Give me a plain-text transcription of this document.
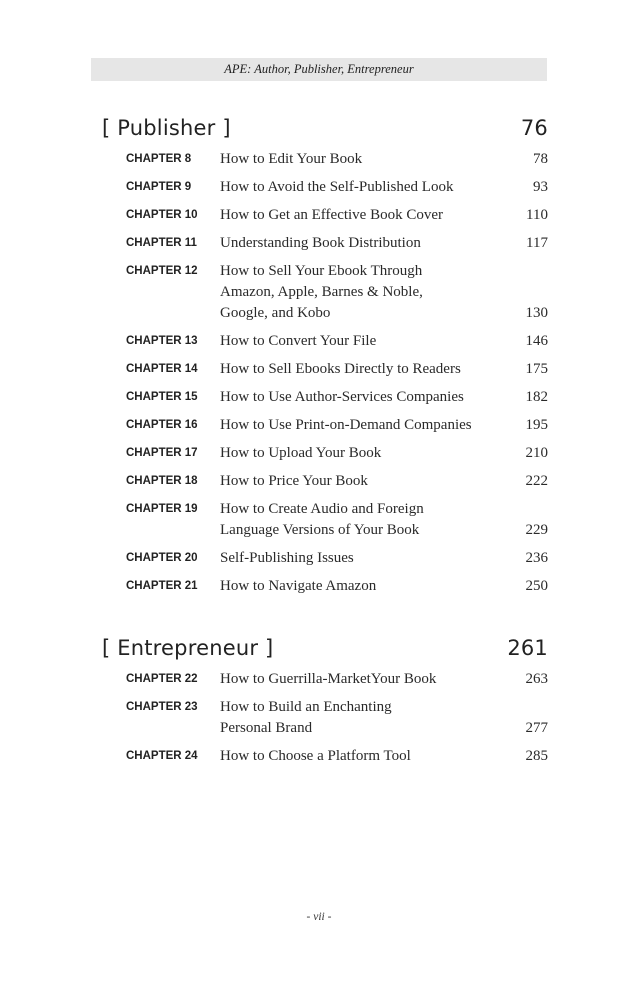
APE: Author, Publisher, Entrepreneur
[ Publisher ]	76
CHAPTER 8	How to Edit Your Book	78
CHAPTER 9	How to Avoid the Self-Published Look	93
CHAPTER 10	How to Get an Effective Book Cover	110
CHAPTER 11	Understanding Book Distribution	117
CHAPTER 12	How to Sell Your Ebook Through
Amazon, Apple, Barnes & Noble,
Google, and Kobo	130
CHAPTER 13	How to Convert Your File	146
CHAPTER 14	How to Sell Ebooks Directly to Readers	175
CHAPTER 15	How to Use Author-Services Companies	182
CHAPTER 16	How to Use Print-on-Demand Companies	195
CHAPTER 17	How to Upload Your Book	210
CHAPTER 18	How to Price Your Book	222
CHAPTER 19	How to Create Audio and Foreign
Language Versions of Your Book	229
CHAPTER 20	Self-Publishing Issues	236
CHAPTER 21	How to Navigate Amazon	250
[ Entrepreneur ]	261
CHAPTER 22	How to Guerrilla-MarketYour Book	263
CHAPTER 23	How to Build an Enchanting
Personal Brand	277
CHAPTER 24	How to Choose a Platform Tool	285
- vii -
